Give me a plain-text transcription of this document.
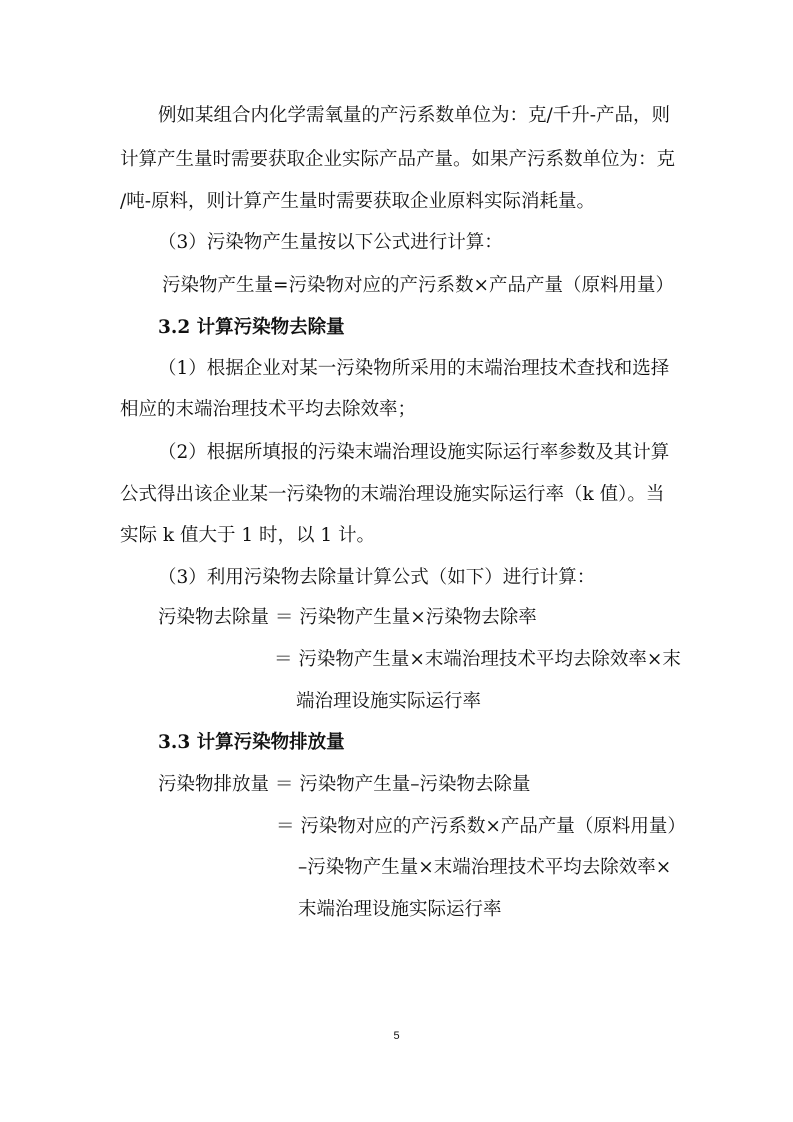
例如某组合内化学需氧量的产污系数单位为：克/千升-产品，则

计算产生量时需要获取企业实际产品产量。如果产污系数单位为：克

/吨-原料，则计算产生量时需要获取企业原料实际消耗量。

（3）污染物产生量按以下公式进行计算：

污染物产生量=污染物对应的产污系数×产品产量（原料用量）

3.2 计算污染物去除量

（1）根据企业对某一污染物所采用的末端治理技术查找和选择

相应的末端治理技术平均去除效率；

（2）根据所填报的污染末端治理设施实际运行率参数及其计算

公式得出该企业某一污染物的末端治理设施实际运行率（k 值）。当

实际 k 值大于 1 时，以 1 计。

（3）利用污染物去除量计算公式（如下）进行计算：

污染物去除量 ＝ 污染物产生量×污染物去除率

＝ 污染物产生量×末端治理技术平均去除效率×末

端治理设施实际运行率

3.3 计算污染物排放量

污染物排放量 ＝ 污染物产生量–污染物去除量

＝ 污染物对应的产污系数×产品产量（原料用量）

–污染物产生量×末端治理技术平均去除效率×

末端治理设施实际运行率

5
